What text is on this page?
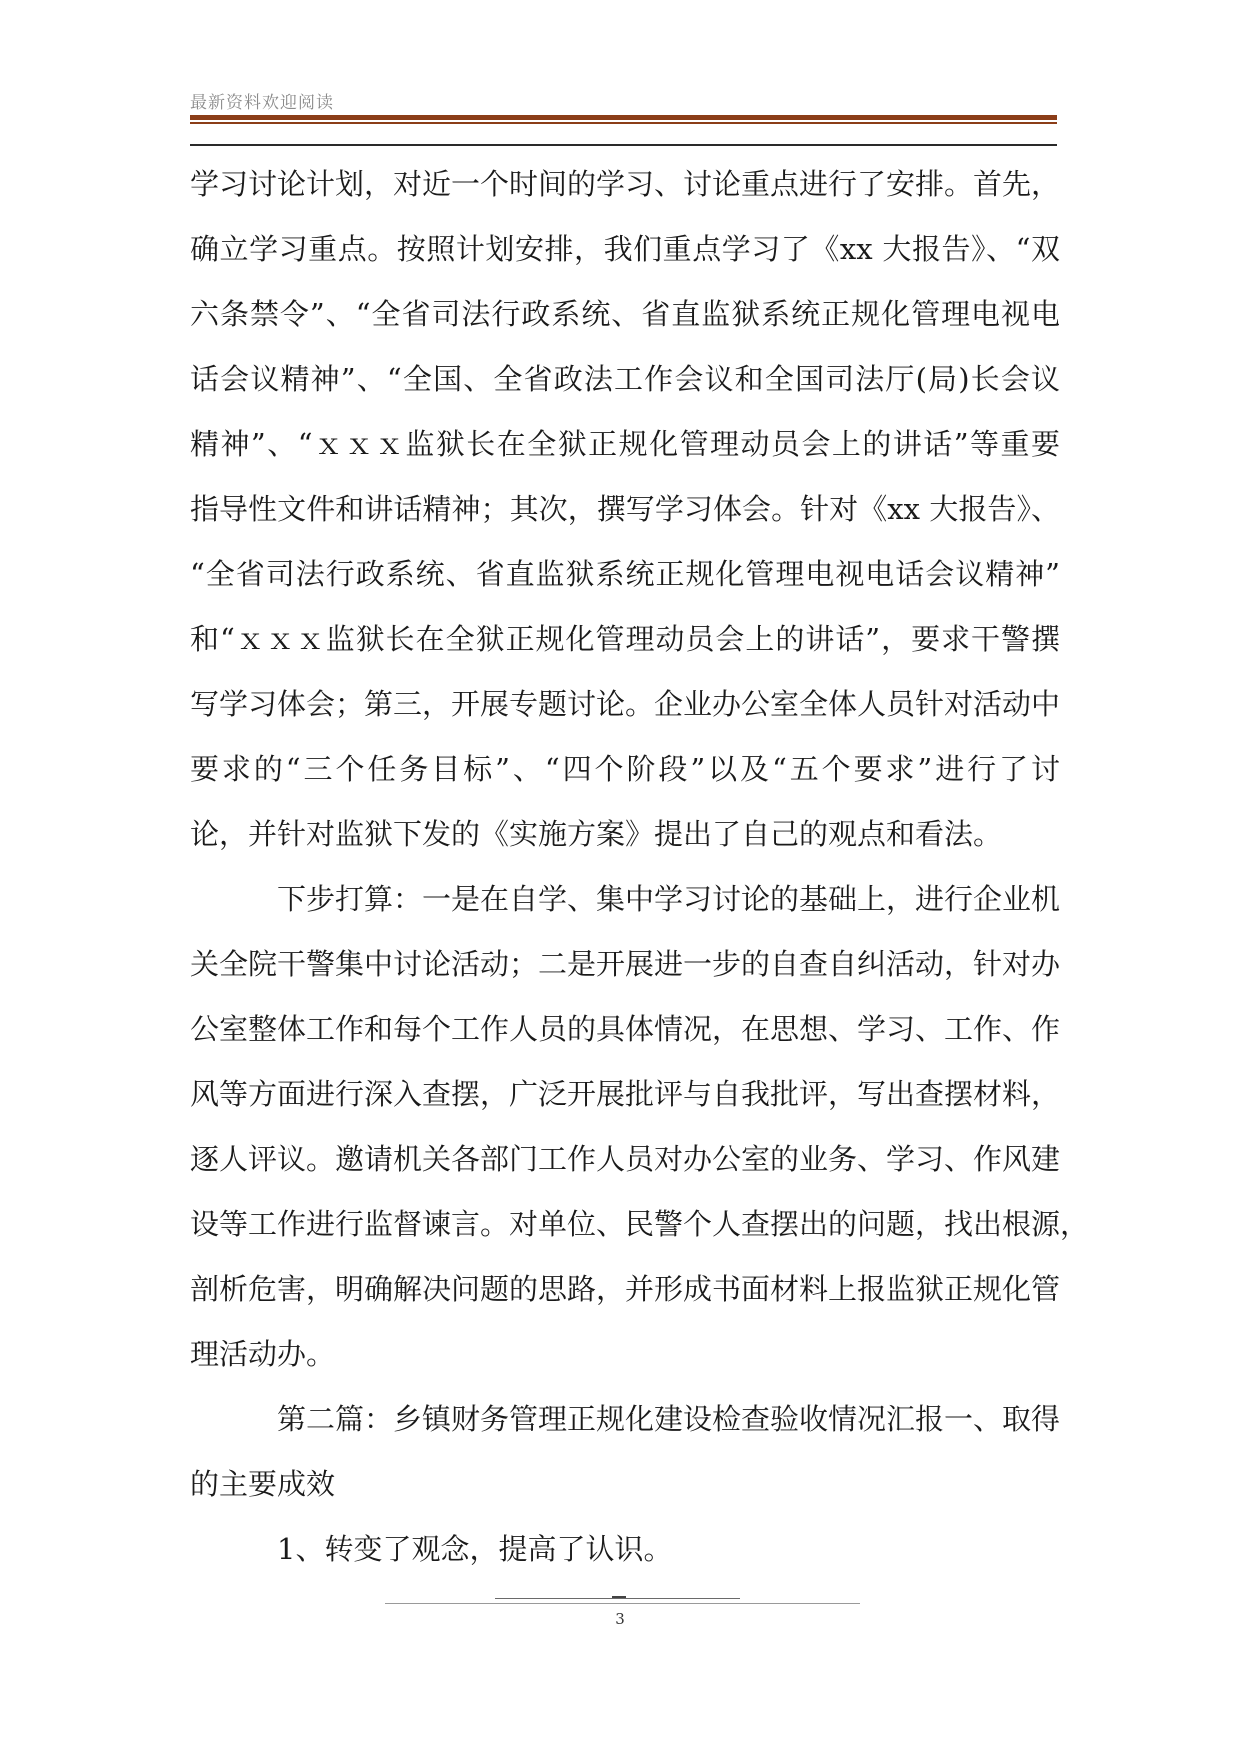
最新资料欢迎阅读
学习讨论计划，对近一个时间的学习、讨论重点进行了安排。首先，
确立学习重点。按照计划安排，我们重点学习了《xx 大报告》、“双
六条禁令”、“全省司法行政系统、省直监狱系统正规化管理电视电
话会议精神”、“全国、全省政法工作会议和全国司法厅(局)长会议
精神”、“ｘｘｘ监狱长在全狱正规化管理动员会上的讲话”等重要
指导性文件和讲话精神；其次，撰写学习体会。针对《xx 大报告》、
“全省司法行政系统、省直监狱系统正规化管理电视电话会议精神”
和“ｘｘｘ监狱长在全狱正规化管理动员会上的讲话”，要求干警撰
写学习体会；第三，开展专题讨论。企业办公室全体人员针对活动中
要求的“三个任务目标”、“四个阶段”以及“五个要求”进行了讨
论，并针对监狱下发的《实施方案》提出了自己的观点和看法。
下步打算：一是在自学、集中学习讨论的基础上，进行企业机
关全院干警集中讨论活动；二是开展进一步的自查自纠活动，针对办
公室整体工作和每个工作人员的具体情况，在思想、学习、工作、作
风等方面进行深入查摆，广泛开展批评与自我批评，写出查摆材料，
逐人评议。邀请机关各部门工作人员对办公室的业务、学习、作风建
设等工作进行监督谏言。对单位、民警个人查摆出的问题，找出根源，
剖析危害，明确解决问题的思路，并形成书面材料上报监狱正规化管
理活动办。
第二篇：乡镇财务管理正规化建设检查验收情况汇报一、取得
的主要成效
1、转变了观念，提高了认识。
3
